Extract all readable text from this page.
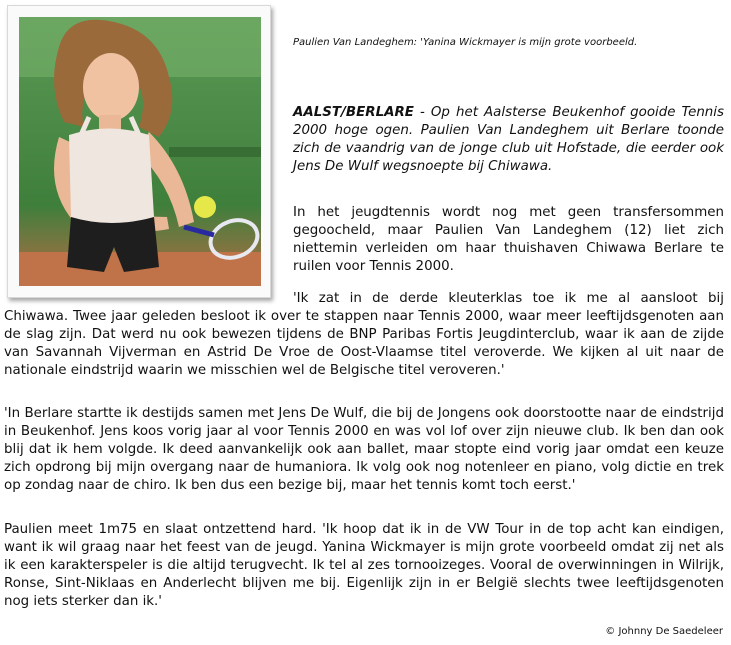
Paulien Van Landeghem: 'Yanina Wickmayer is mijn grote voorbeeld.

AALST/BERLARE - Op het Aalsterse Beukenhof gooide Tennis 2000 hoge ogen. Paulien Van Landeghem uit Berlare toonde zich de vaandrig van de jonge club uit Hofstade, die eerder ook Jens De Wulf wegsnoepte bij Chiwawa.

In het jeugdtennis wordt nog met geen transfersommen gegoocheld, maar Paulien Van Landeghem (12) liet zich niettemin verleiden om haar thuishaven Chiwawa Berlare te ruilen voor Tennis 2000.

'Ik zat in de derde kleuterklas toe ik me al aansloot bij Chiwawa. Twee jaar geleden besloot ik over te stappen naar Tennis 2000, waar meer leeftijdsgenoten aan de slag zijn. Dat werd nu ook bewezen tijdens de BNP Paribas Fortis Jeugdinterclub, waar ik aan de zijde van Savannah Vijverman en Astrid De Vroe de Oost-Vlaamse titel veroverde. We kijken al uit naar de nationale eindstrijd waarin we misschien wel de Belgische titel veroveren.'

'In Berlare startte ik destijds samen met Jens De Wulf, die bij de Jongens ook doorstootte naar de eindstrijd in Beukenhof. Jens koos vorig jaar al voor Tennis 2000 en was vol lof over zijn nieuwe club. Ik ben dan ook blij dat ik hem volgde. Ik deed aanvankelijk ook aan ballet, maar stopte eind vorig jaar omdat een keuze zich opdrong bij mijn overgang naar de humaniora. Ik volg ook nog notenleer en piano, volg dictie en trek op zondag naar de chiro. Ik ben dus een bezige bij, maar het tennis komt toch eerst.'

Paulien meet 1m75 en slaat ontzettend hard. 'Ik hoop dat ik in de VW Tour in de top acht kan eindigen, want ik wil graag naar het feest van de jeugd. Yanina Wickmayer is mijn grote voorbeeld omdat zij net als ik een karakterspeler is die altijd terugvecht. Ik tel al zes tornooizeges. Vooral de overwinningen in Wilrijk, Ronse, Sint-Niklaas en Anderlecht blijven me bij. Eigenlijk zijn in er België slechts twee leeftijdsgenoten nog iets sterker dan ik.'

© Johnny De Saedeleer
